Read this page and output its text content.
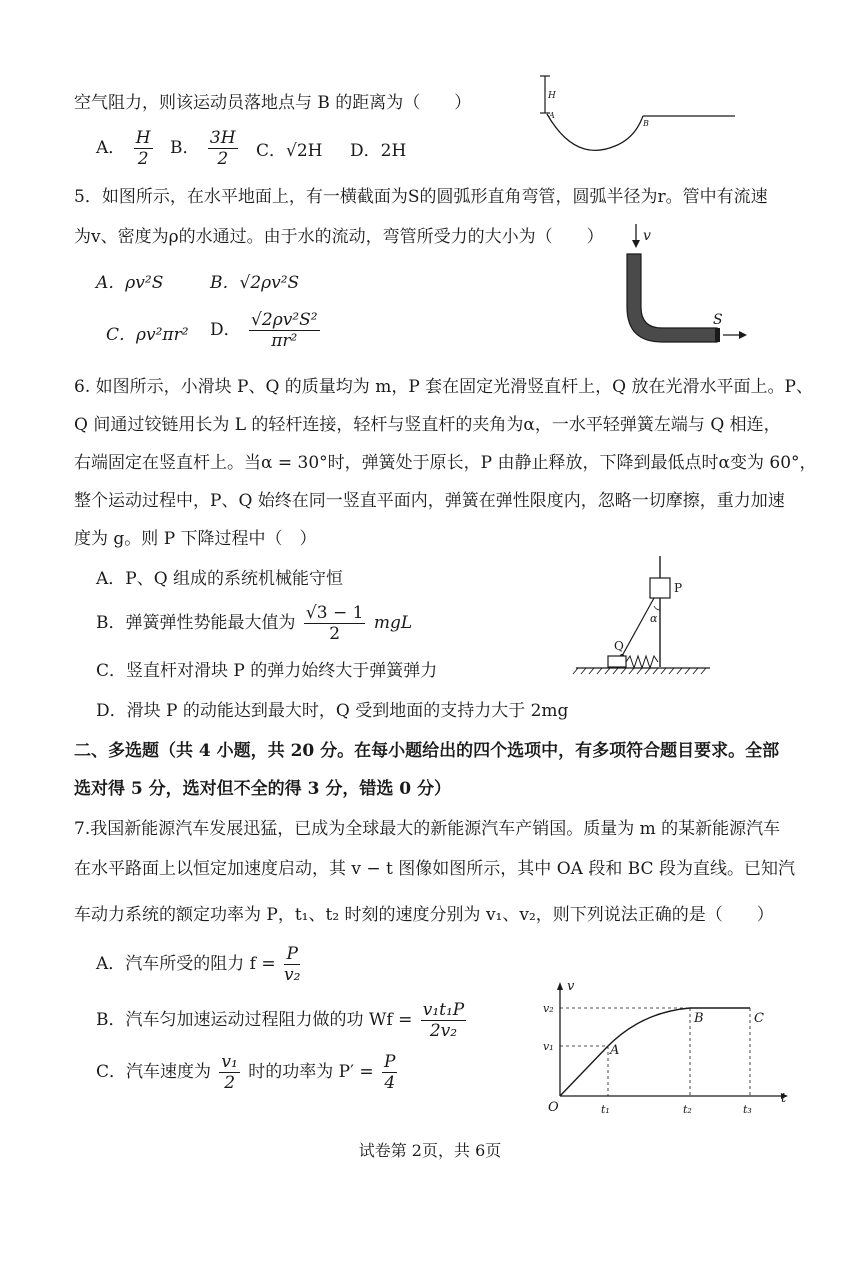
空气阻力，则该运动员落地点与 B 的距离为（　　）
A． $\frac{H}{2}$ B． $\frac{3H}{2}$ C．√2H D．2H
H
A
B
5．如图所示，在水平地面上，有一横截面为S的圆弧形直角弯管，圆弧半径为r。管中有流速
为v、密度为ρ的水通过。由于水的流动，弯管所受力的大小为（　　）
A．ρv²S	B．√2ρv²S
C．ρv²πr² D． $\frac{\text{√2ρv²S²}}{\text{πr²}}$
v
S
6. 如图所示，小滑块 P、Q 的质量均为 m，P 套在固定光滑竖直杆上，Q 放在光滑水平面上。P、
Q 间通过铰链用长为 L 的轻杆连接，轻杆与竖直杆的夹角为α，一水平轻弹簧左端与 Q 相连，
右端固定在竖直杆上。当α = 30°时，弹簧处于原长，P 由静止释放，下降到最低点时α变为 60°，
整个运动过程中，P、Q 始终在同一竖直平面内，弹簧在弹性限度内，忽略一切摩擦，重力加速
度为 g。则 P 下降过程中（　）
A．P、Q 组成的系统机械能守恒
B．弹簧弹性势能最大值为 $\frac{√3 - 1}{2}$ mgL
C．竖直杆对滑块 P 的弹力始终大于弹簧弹力
D．滑块 P 的动能达到最大时，Q 受到地面的支持力大于 2mg
P
α
Q
二、多选题（共 4 小题，共 20 分。在每小题给出的四个选项中，有多项符合题目要求。全部
选对得 5 分，选对但不全的得 3 分，错选 0 分）
7.我国新能源汽车发展迅猛，已成为全球最大的新能源汽车产销国。质量为 m 的某新能源汽车
在水平路面上以恒定加速度启动，其 v − t 图像如图所示，其中 OA 段和 BC 段为直线。已知汽
车动力系统的额定功率为 P，t₁、t₂ 时刻的速度分别为 v₁、v₂，则下列说法正确的是（　　）
A．汽车所受的阻力 $f = \frac{P}{\text{v₂}}$
B．汽车匀加速运动过程阻力做的功 $Wf = \frac{\text{v₁t₁P}}{\text{2v₂}}$
C．汽车速度为 $\frac{\text{v₁}}{2}$ 时的功率为 $P' = \frac{P}{4}$
v
t
O
v₁
v₂
A
B	C
t₁	t₂	t₃
试卷第 2页，共 6页
